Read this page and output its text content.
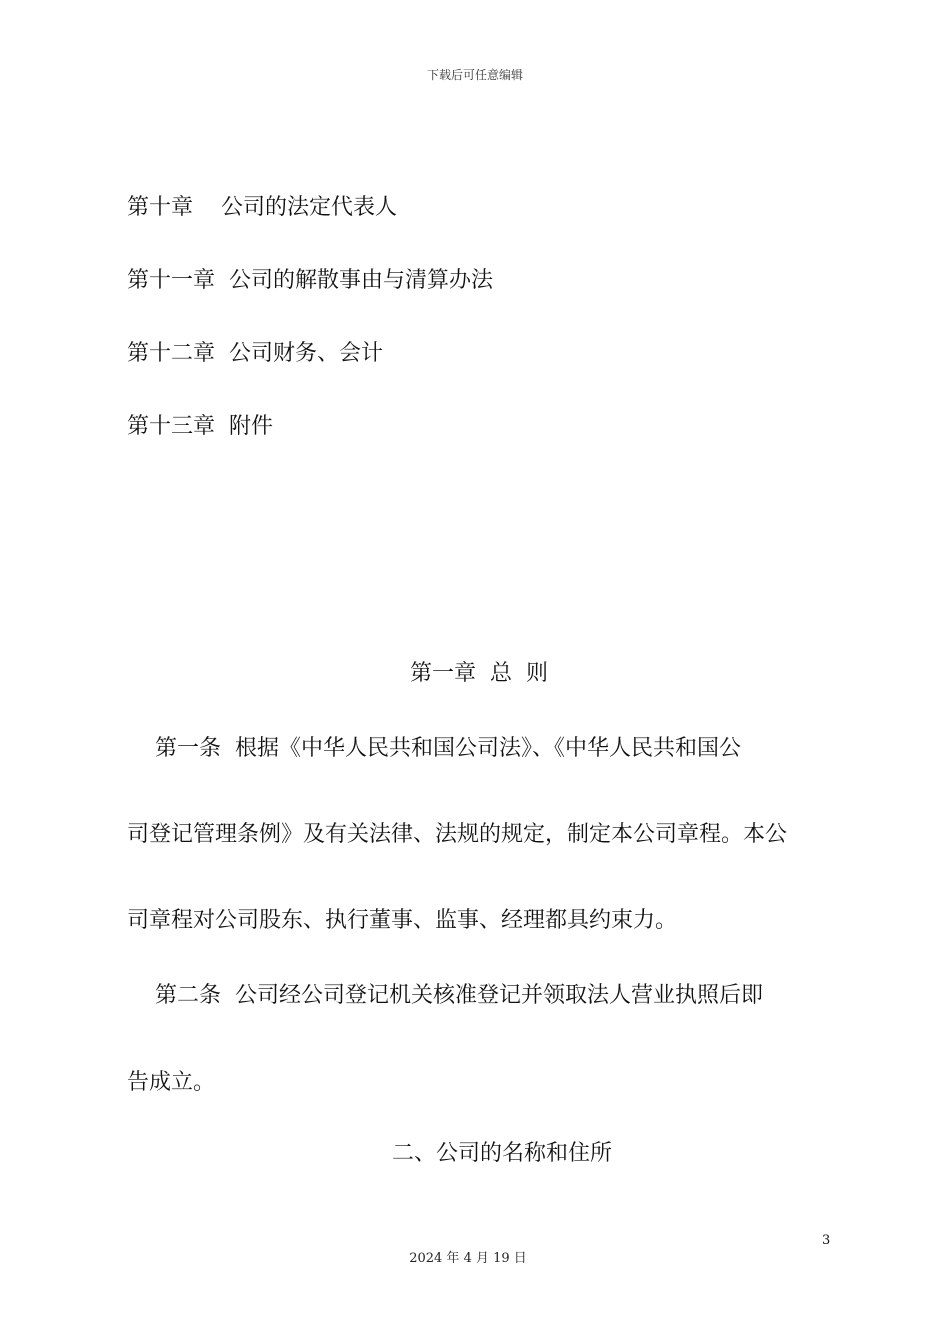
下载后可任意编辑
第十章 公司的法定代表人
第十一章 公司的解散事由与清算办法
第十二章 公司财务、会计
第十三章 附件
第一章  总  则
第一条  根据《中华人民共和国公司法》、《中华人民共和国公
司登记管理条例》及有关法律、法规的规定，制定本公司章程。本公
司章程对公司股东、执行董事、监事、经理都具约束力。
第二条  公司经公司登记机关核准登记并领取法人营业执照后即
告成立。
二、公司的名称和住所
3
2024 年 4 月 19 日
